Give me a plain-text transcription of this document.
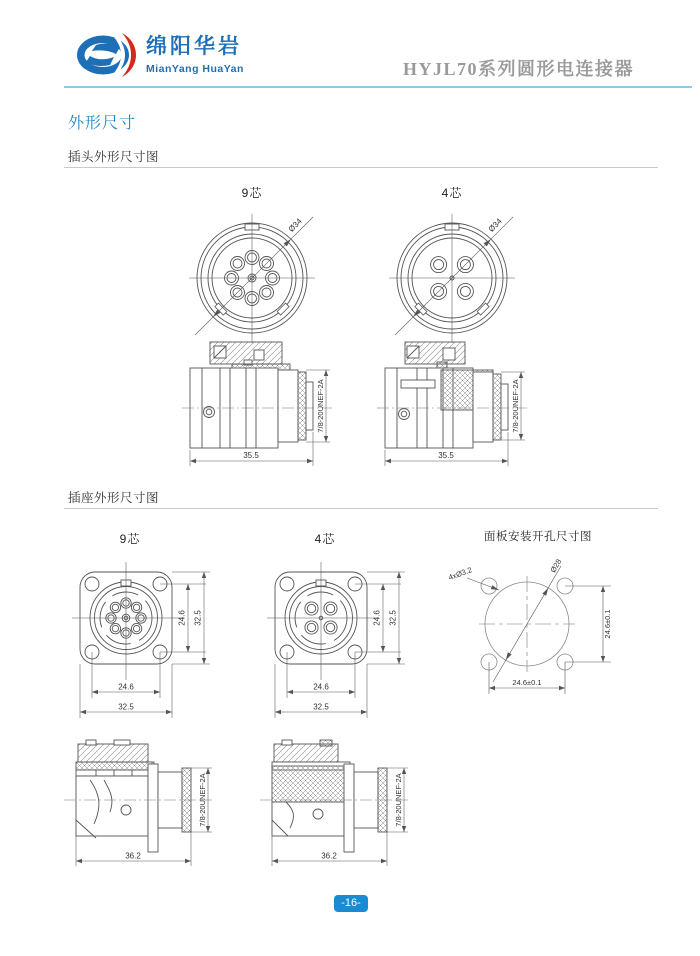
绵阳华岩
MianYang HuaYan	HYJL70系列圆形电连接器
外形尺寸
插头外形尺寸图
9芯	4芯
Ø34	Ø34
35.5
7/8-20UNEF-2A
35.5
7/8-20UNEF-2A
插座外形尺寸图
9芯	4芯	面板安装开孔尺寸图
24.6 32.5
24.6
32.5
24.6 32.5
24.6
32.5
4xØ3.2	Ø28
24.6±0.1
24.6±0.1
36.2
7/8-20UNEF-2A
36.2
7/8-20UNEF-2A
-16-
